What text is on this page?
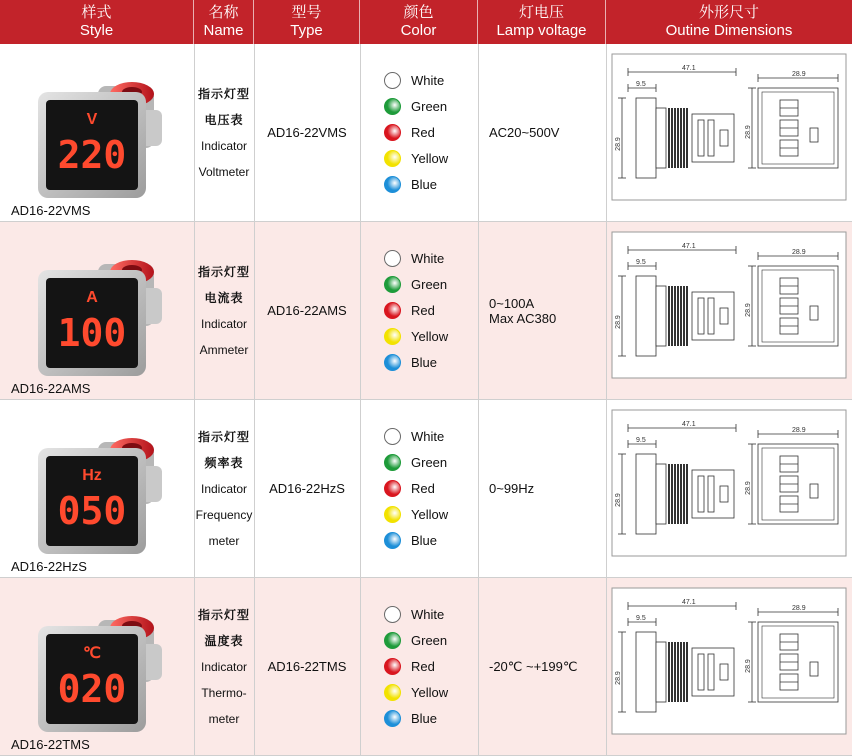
样式
Style
名称
Name
型号
Type
颜色
Color
灯电压
Lamp voltage
外形尺寸
Outine Dimensions
V
220
AD16-22VMS
指示灯型
电压表
Indicator
Voltmeter
AD16-22VMS
White
Green
Red
Yellow
Blue
AC20~500V
47.1
9.5
28.9
28.9
28.9
A
100
AD16-22AMS
指示灯型
电流表
Indicator
Ammeter
AD16-22AMS
White
Green
Red
Yellow
Blue
0~100A
Max AC380
47.1
9.5
28.9
28.9
28.9
Hz
050
AD16-22HzS
指示灯型
频率表
Indicator
Frequency
meter
AD16-22HzS
White
Green
Red
Yellow
Blue
0~99Hz
47.1
9.5
28.9
28.9
28.9
℃
020
AD16-22TMS
指示灯型
温度表
Indicator
Thermo-
meter
AD16-22TMS
White
Green
Red
Yellow
Blue
-20℃ ~+199℃
47.1
9.5
28.9
28.9
28.9
